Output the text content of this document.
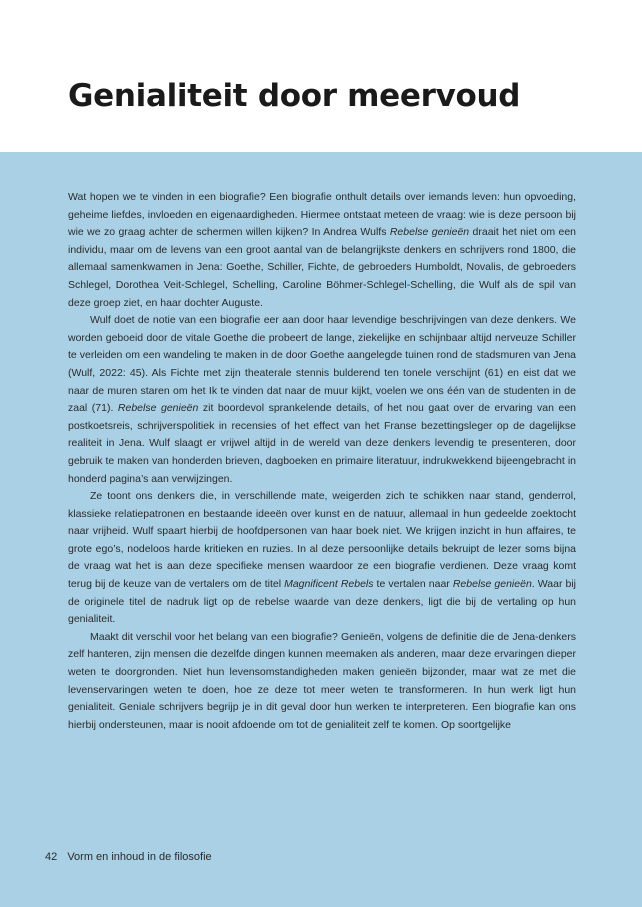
Genialiteit door meervoud

Wat hopen we te vinden in een biografie? Een biografie onthult details over iemands leven: hun opvoeding, geheime liefdes, invloeden en eigenaardigheden. Hiermee ontstaat meteen de vraag: wie is deze persoon bij wie we zo graag achter de schermen willen kijken? In Andrea Wulfs Rebelse genieën draait het niet om een individu, maar om de levens van een groot aantal van de belangrijkste denkers en schrijvers rond 1800, die allemaal samenkwamen in Jena: Goethe, Schiller, Fichte, de gebroeders Humboldt, Novalis, de gebroeders Schlegel, Dorothea Veit-Schlegel, Schelling, Caroline Böhmer-Schlegel-Schelling, die Wulf als de spil van deze groep ziet, en haar dochter Auguste.

Wulf doet de notie van een biografie eer aan door haar levendige beschrijvingen van deze denkers. We worden geboeid door de vitale Goethe die probeert de lange, ziekelijke en schijnbaar altijd nerveuze Schiller te verleiden om een wandeling te maken in de door Goethe aangelegde tuinen rond de stadsmuren van Jena (Wulf, 2022: 45). Als Fichte met zijn theaterale stennis bulderend ten tonele verschijnt (61) en eist dat we naar de muren staren om het Ik te vinden dat naar de muur kijkt, voelen we ons één van de studenten in de zaal (71). Rebelse genieën zit boordevol sprankelende details, of het nou gaat over de ervaring van een postkoetsreis, schrijverspolitiek in recensies of het effect van het Franse bezettingsleger op de dagelijkse realiteit in Jena. Wulf slaagt er vrijwel altijd in de wereld van deze denkers levendig te presenteren, door gebruik te maken van honderden brieven, dagboeken en primaire literatuur, indrukwekkend bijeengebracht in honderd pagina’s aan verwijzingen.

Ze toont ons denkers die, in verschillende mate, weigerden zich te schikken naar stand, genderrol, klassieke relatiepatronen en bestaande ideeën over kunst en de natuur, allemaal in hun gedeelde zoektocht naar vrijheid. Wulf spaart hierbij de hoofdpersonen van haar boek niet. We krijgen inzicht in hun affaires, te grote ego’s, nodeloos harde kritieken en ruzies. In al deze persoonlijke details bekruipt de lezer soms bijna de vraag wat het is aan deze specifieke mensen waardoor ze een biografie verdienen. Deze vraag komt terug bij de keuze van de vertalers om de titel Magnificent Rebels te vertalen naar Rebelse genieën. Waar bij de originele titel de nadruk ligt op de rebelse waarde van deze denkers, ligt die bij de vertaling op hun genialiteit.

Maakt dit verschil voor het belang van een biografie? Genieën, volgens de definitie die de Jena-denkers zelf hanteren, zijn mensen die dezelfde dingen kunnen meemaken als anderen, maar deze ervaringen dieper weten te doorgronden. Niet hun levensomstandigheden maken genieën bijzonder, maar wat ze met die levenservaringen weten te doen, hoe ze deze tot meer weten te transformeren. In hun werk ligt hun genialiteit. Geniale schrijvers begrijp je in dit geval door hun werken te interpreteren. Een biografie kan ons hierbij ondersteunen, maar is nooit afdoende om tot de genialiteit zelf te komen. Op soortgelijke

42 Vorm en inhoud in de filosofie
